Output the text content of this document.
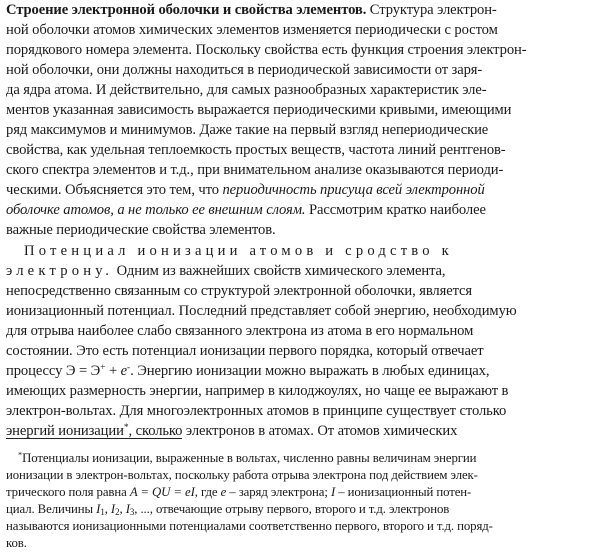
Строение электронной оболочки и свойства элементов. Структура электрон-
ной оболочки атомов химических элементов изменяется периодически с ростом
порядкового номера элемента. Поскольку свойства есть функция строения электрон-
ной оболочки, они должны находиться в периодической зависимости от заря-
да ядра атома. И действительно, для самых разнообразных характеристик эле-
ментов указанная зависимость выражается периодическими кривыми, имеющими
ряд максимумов и минимумов. Даже такие на первый взгляд непериодические
свойства, как удельная теплоемкость простых веществ, частота линий рентгенов-
ского спектра элементов и т.д., при внимательном анализе оказываются периоди-
ческими. Объясняется это тем, что периодичность присуща всей электронной
оболочке атомов, а не только ее внешним слоям. Рассмотрим кратко наиболее
важные периодические свойства элементов.
Потенциал ионизации атомов и сродство к
электрону. Одним из важнейших свойств химического элемента,
непосредственно связанным со структурой электронной оболочки, является
ионизационный потенциал. Последний представляет собой энергию, необходимую
для отрыва наиболее слабо связанного электрона из атома в его нормальном
состоянии. Это есть потенциал ионизации первого порядка, который отвечает
процессу Э = Э+ + e-. Энергию ионизации можно выражать в любых единицах,
имеющих размерность энергии, например в килоджоулях, но чаще ее выражают в
электрон-вольтах. Для многоэлектронных атомов в принципе существует столько
энергий ионизации*, сколько электронов в атомах. От атомов химических
*Потенциалы ионизации, выраженные в вольтах, численно равны величинам энергии
ионизации в электрон-вольтах, поскольку работа отрыва электрона под действием элек-
трического поля равна A = QU = eI, где e – заряд электрона; I – ионизационный потен-
циал. Величины $I_1$, $I_2$, $I_3$, ..., отвечающие отрыву первого, второго и т.д. электронов
называются ионизационными потенциалами соответственно первого, второго и т.д. поряд-
ков.
